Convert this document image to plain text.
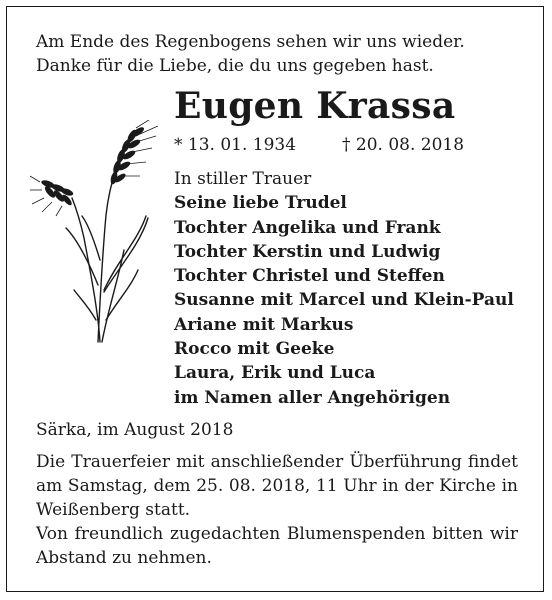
Am Ende des Regenbogens sehen wir uns wieder.
Danke für die Liebe, die du uns gegeben hast.
Eugen Krassa
* 13. 01. 1934	† 20. 08. 2018
In stiller Trauer
Seine liebe Trudel
Tochter Angelika und Frank
Tochter Kerstin und Ludwig
Tochter Christel und Steffen
Susanne mit Marcel und Klein-Paul
Ariane mit Markus
Rocco mit Geeke
Laura, Erik und Luca
im Namen aller Angehörigen
Särka, im August 2018

Die Trauerfeier mit anschließender Überführung findet am Samstag, dem 25. 08. 2018, 11 Uhr in der Kirche in Weißenberg statt.

Von freundlich zugedachten Blumenspenden bitten wir Abstand zu nehmen.
